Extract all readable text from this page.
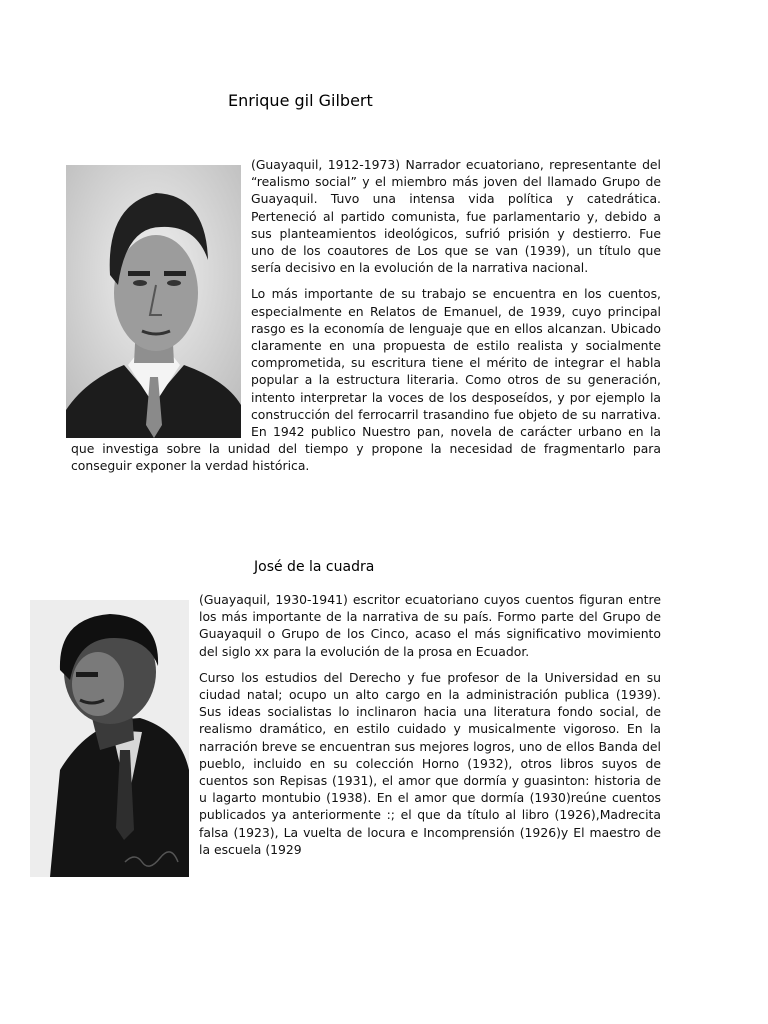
Enrique gil Gilbert

(Guayaquil, 1912-1973) Narrador ecuatoriano, representante del “realismo social” y el miembro más joven del llamado Grupo de Guayaquil. Tuvo una intensa vida política y catedrática. Perteneció al partido comunista, fue parlamentario y, debido a sus planteamientos ideológicos, sufrió prisión y destierro. Fue uno de los coautores de Los que se van (1939), un título que sería decisivo en la evolución de la narrativa nacional.

Lo más importante de su trabajo se encuentra en los cuentos, especialmente en Relatos de Emanuel, de 1939, cuyo principal rasgo es la economía de lenguaje que en ellos alcanzan. Ubicado claramente en una propuesta de estilo realista y socialmente comprometida, su escritura tiene el mérito de integrar el habla popular a la estructura literaria. Como otros de su generación, intento interpretar la voces de los desposeídos, y por ejemplo la construcción del ferrocarril trasandino fue objeto de su narrativa. En 1942 publico Nuestro pan, novela de carácter urbano en la que investiga sobre la unidad del tiempo y propone la necesidad de fragmentarlo para conseguir exponer la verdad histórica.

José de la cuadra

(Guayaquil, 1930-1941) escritor ecuatoriano cuyos cuentos figuran entre los más importante de la narrativa de su país. Formo parte del Grupo de Guayaquil o Grupo de los Cinco, acaso el más significativo movimiento del siglo xx para la evolución de la prosa en Ecuador.

Curso los estudios del Derecho y fue profesor de la Universidad en su ciudad natal; ocupo un alto cargo en la administración publica (1939). Sus ideas socialistas lo inclinaron hacia una literatura fondo social, de realismo dramático, en estilo cuidado y musicalmente vigoroso. En la narración breve se encuentran sus mejores logros, uno de ellos Banda del pueblo, incluido en su colección Horno (1932), otros libros suyos de cuentos son Repisas (1931), el amor que dormía y guasinton: historia de u lagarto montubio (1938). En el amor que dormía (1930)reúne cuentos publicados ya anteriormente :; el que da título al libro (1926),Madrecita falsa (1923), La vuelta de locura e Incomprensión (1926)y El maestro de la escuela (1929
